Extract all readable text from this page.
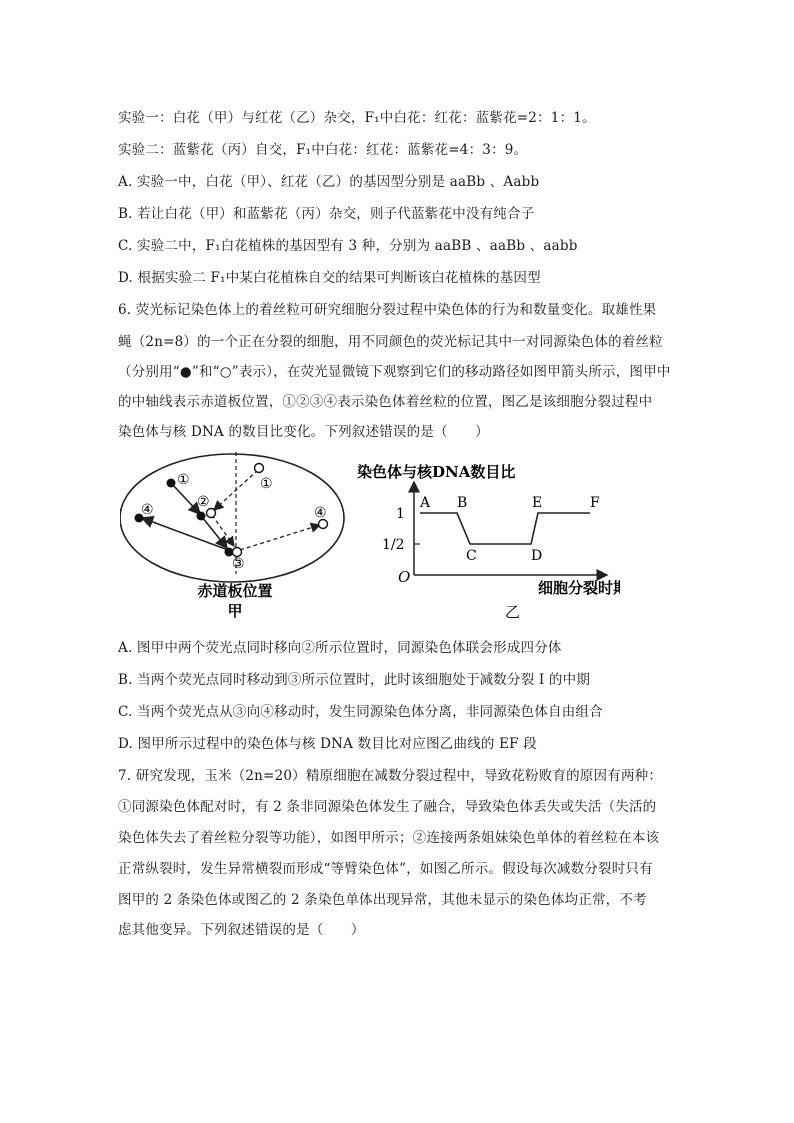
实验一：白花（甲）与红花（乙）杂交，F₁中白花：红花：蓝紫花=2：1：1。
实验二：蓝紫花（丙）自交，F₁中白花：红花：蓝紫花=4：3：9。
A. 实验一中，白花（甲）、红花（乙）的基因型分别是 aaBb 、Aabb
B. 若让白花（甲）和蓝紫花（丙）杂交，则子代蓝紫花中没有纯合子
C. 实验二中，F₁白花植株的基因型有 3 种，分别为 aaBB 、aaBb 、aabb
D. 根据实验二 F₁中某白花植株自交的结果可判断该白花植株的基因型
6. 荧光标记染色体上的着丝粒可研究细胞分裂过程中染色体的行为和数量变化。取雄性果
蝇（2n=8）的一个正在分裂的细胞，用不同颜色的荧光标记其中一对同源染色体的着丝粒
（分别用“●”和“○”表示），在荧光显微镜下观察到它们的移动路径如图甲箭头所示，图甲中
的中轴线表示赤道板位置，①②③④表示染色体着丝粒的位置，图乙是该细胞分裂过程中
染色体与核 DNA 的数目比变化。下列叙述错误的是（　　）
A. 图甲中两个荧光点同时移向②所示位置时，同源染色体联会形成四分体
B. 当两个荧光点同时移动到③所示位置时，此时该细胞处于减数分裂 I 的中期
C. 当两个荧光点从③向④移动时，发生同源染色体分离，非同源染色体自由组合
D. 图甲所示过程中的染色体与核 DNA 数目比对应图乙曲线的 EF 段
7. 研究发现，玉米（2n=20）精原细胞在减数分裂过程中，导致花粉败育的原因有两种：
①同源染色体配对时，有 2 条非同源染色体发生了融合，导致染色体丢失或失活（失活的
染色体失去了着丝粒分裂等功能），如图甲所示；②连接两条姐妹染色单体的着丝粒在本该
正常纵裂时，发生异常横裂而形成“等臂染色体”，如图乙所示。假设每次减数分裂时只有
图甲的 2 条染色体或图乙的 2 条染色单体出现异常，其他未显示的染色体均正常，不考
虑其他变异。下列叙述错误的是（　　）
①
②
③
④
①
④
赤道板位置
甲
染色体与核DNA数目比
O
1
1/2
细胞分裂时期
乙
A B
C	D
E	F
